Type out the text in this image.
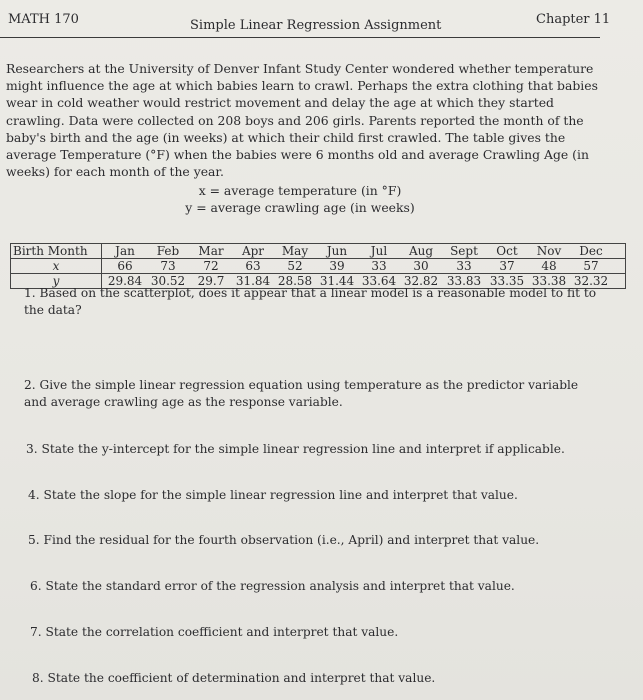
MATH 170	Simple Linear Regression Assignment	Chapter 11
Researchers at the University of Denver Infant Study Center wondered whether temperature might influence the age at which babies learn to crawl. Perhaps the extra clothing that babies wear in cold weather would restrict movement and delay the age at which they started crawling. Data were collected on 208 boys and 206 girls. Parents reported the month of the baby's birth and the age (in weeks) at which their child first crawled. The table gives the average Temperature (°F) when the babies were 6 months old and average Crawling Age (in weeks) for each month of the year.
x = average temperature (in °F)
y = average crawling age (in weeks)
Birth Month	Jan Feb Mar Apr May Jun Jul Aug Sept Oct Nov Dec
x	66 73 72 63 52 39 33 30 33 37 48 57
y	29.84 30.52 29.7 31.84 28.58 31.44 33.64 32.82 33.83 33.35 33.38 32.32
1. Based on the scatterplot, does it appear that a linear model is a reasonable model to fit to the data?
2. Give the simple linear regression equation using temperature as the predictor variable and average crawling age as the response variable.
3. State the y-intercept for the simple linear regression line and interpret if applicable.
4. State the slope for the simple linear regression line and interpret that value.
5. Find the residual for the fourth observation (i.e., April) and interpret that value.
6. State the standard error of the regression analysis and interpret that value.
7. State the correlation coefficient and interpret that value.
8. State the coefficient of determination and interpret that value.
